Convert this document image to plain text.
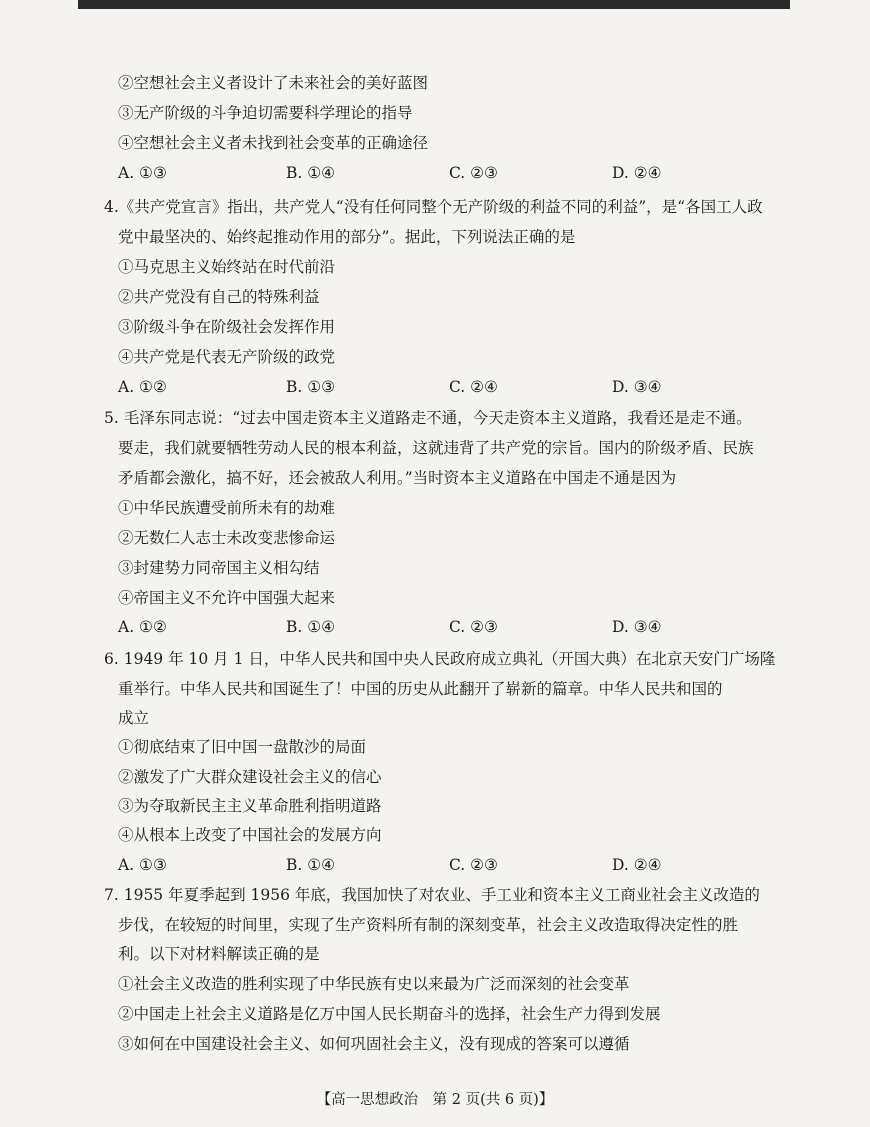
②空想社会主义者设计了未来社会的美好蓝图
③无产阶级的斗争迫切需要科学理论的指导
④空想社会主义者未找到社会变革的正确途径
A. ①③	B. ①④	C. ②③	D. ②④
4.《共产党宣言》指出，共产党人“没有任何同整个无产阶级的利益不同的利益”，是“各国工人政
党中最坚决的、始终起推动作用的部分”。据此，下列说法正确的是
①马克思主义始终站在时代前沿
②共产党没有自己的特殊利益
③阶级斗争在阶级社会发挥作用
④共产党是代表无产阶级的政党
A. ①②	B. ①③	C. ②④	D. ③④
5. 毛泽东同志说：“过去中国走资本主义道路走不通，今天走资本主义道路，我看还是走不通。
要走，我们就要牺牲劳动人民的根本利益，这就违背了共产党的宗旨。国内的阶级矛盾、民族
矛盾都会激化，搞不好，还会被敌人利用。”当时资本主义道路在中国走不通是因为
①中华民族遭受前所未有的劫难
②无数仁人志士未改变悲惨命运
③封建势力同帝国主义相勾结
④帝国主义不允许中国强大起来
A. ①②	B. ①④	C. ②③	D. ③④
6. 1949 年 10 月 1 日，中华人民共和国中央人民政府成立典礼（开国大典）在北京天安门广场隆
重举行。中华人民共和国诞生了！中国的历史从此翻开了崭新的篇章。中华人民共和国的
成立
①彻底结束了旧中国一盘散沙的局面
②激发了广大群众建设社会主义的信心
③为夺取新民主主义革命胜利指明道路
④从根本上改变了中国社会的发展方向
A. ①③	B. ①④	C. ②③	D. ②④
7. 1955 年夏季起到 1956 年底，我国加快了对农业、手工业和资本主义工商业社会主义改造的
步伐，在较短的时间里，实现了生产资料所有制的深刻变革，社会主义改造取得决定性的胜
利。以下对材料解读正确的是
①社会主义改造的胜利实现了中华民族有史以来最为广泛而深刻的社会变革
②中国走上社会主义道路是亿万中国人民长期奋斗的选择，社会生产力得到发展
③如何在中国建设社会主义、如何巩固社会主义，没有现成的答案可以遵循
【高一思想政治　第 2 页(共 6 页)】
